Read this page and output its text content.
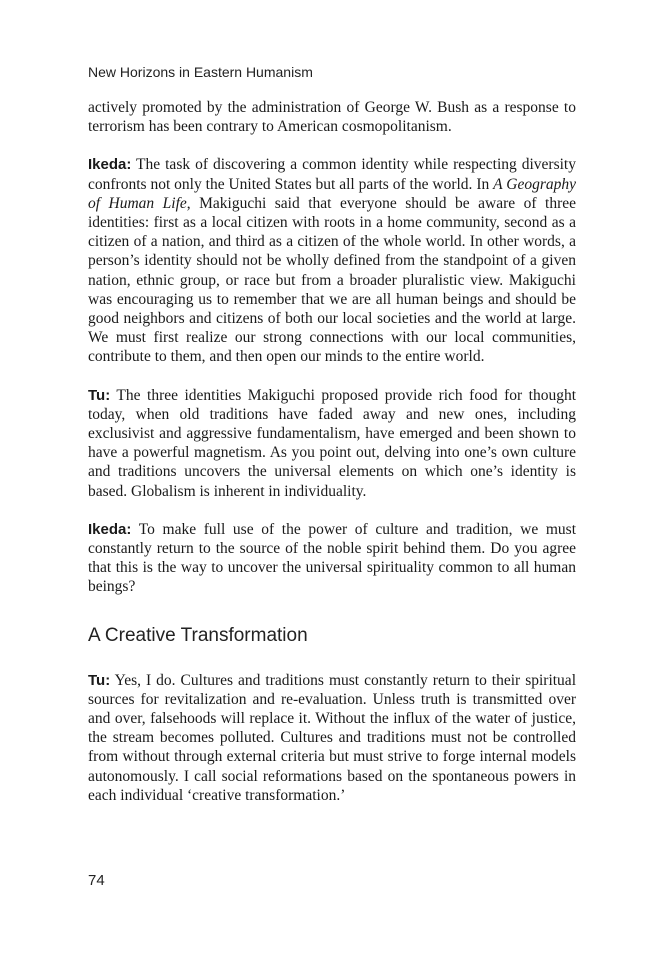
New Horizons in Eastern Humanism

actively promoted by the administration of George W. Bush as a response to terrorism has been contrary to American cosmopolitanism.

Ikeda: The task of discovering a common identity while respecting diversity confronts not only the United States but all parts of the world. In A Geography of Human Life, Makiguchi said that everyone should be aware of three identities: first as a local citizen with roots in a home community, second as a citizen of a nation, and third as a citizen of the whole world. In other words, a person’s identity should not be wholly defined from the standpoint of a given nation, ethnic group, or race but from a broader pluralistic view. Makiguchi was encouraging us to remember that we are all human beings and should be good neighbors and citizens of both our local societies and the world at large. We must first realize our strong connections with our local communities, contribute to them, and then open our minds to the entire world.

Tu: The three identities Makiguchi proposed provide rich food for thought today, when old traditions have faded away and new ones, including exclusivist and aggressive fundamentalism, have emerged and been shown to have a powerful magnetism. As you point out, delving into one’s own culture and traditions uncovers the universal elements on which one’s identity is based. Globalism is inherent in individuality.

Ikeda: To make full use of the power of culture and tradition, we must constantly return to the source of the noble spirit behind them. Do you agree that this is the way to uncover the universal spirituality common to all human beings?

A Creative Transformation

Tu: Yes, I do. Cultures and traditions must constantly return to their spiritual sources for revitalization and re-evaluation. Unless truth is transmitted over and over, falsehoods will replace it. Without the influx of the water of justice, the stream becomes polluted. Cultures and traditions must not be controlled from without through external criteria but must strive to forge internal models autonomously. I call social reformations based on the spontaneous powers in each individual ‘creative transformation.’

74
